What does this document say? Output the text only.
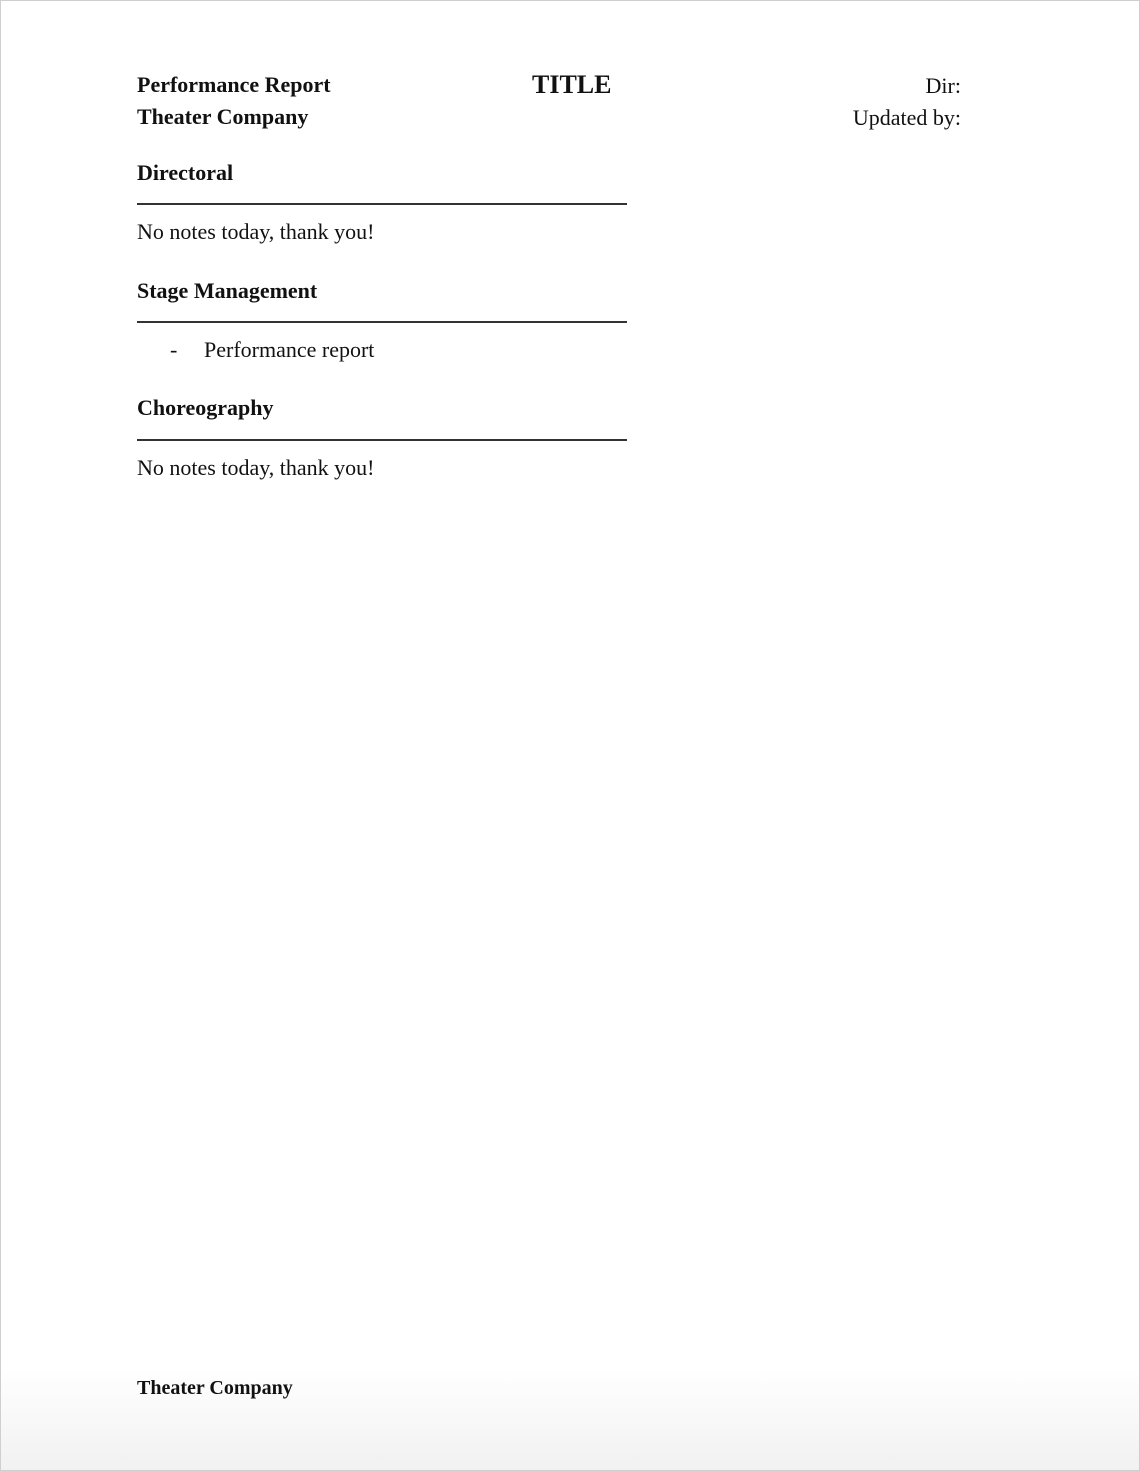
Performance Report
Theater Company
TITLE	Dir:
Updated by:
Directoral
No notes today, thank you!
Stage Management
- Performance report
Choreography
No notes today, thank you!
Theater Company
